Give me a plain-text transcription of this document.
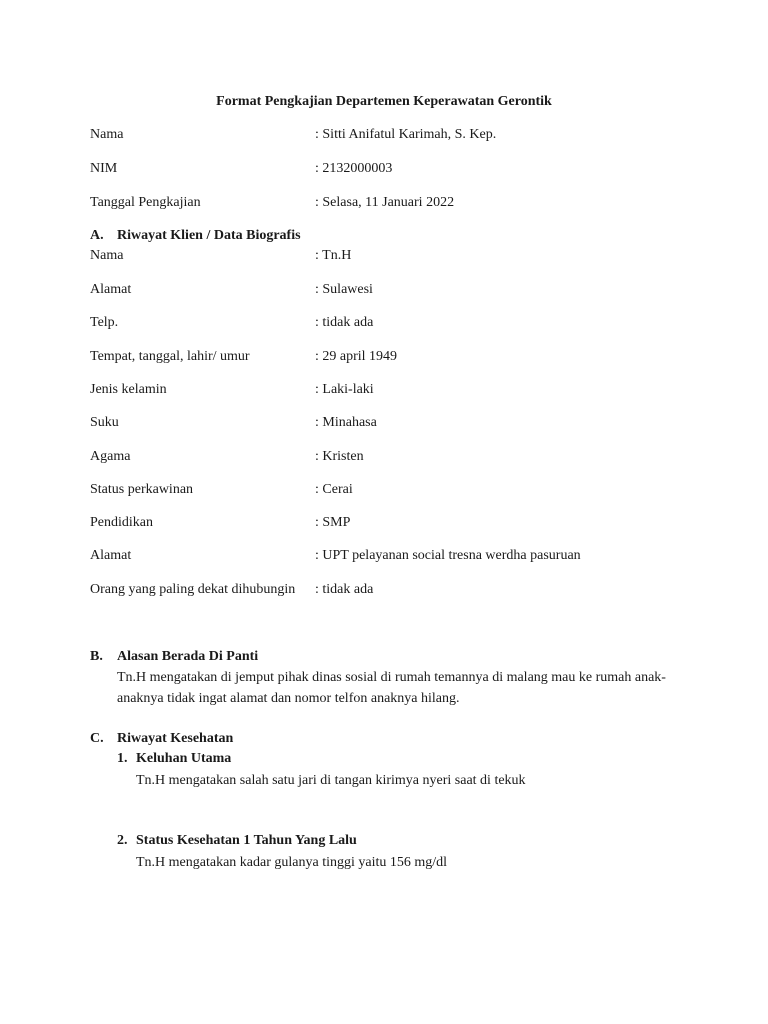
Format Pengkajian Departemen Keperawatan Gerontik
Nama	: Sitti Anifatul Karimah, S. Kep.
NIM	: 2132000003
Tanggal Pengkajian	: Selasa, 11 Januari 2022
A. Riwayat Klien / Data Biografis
Nama	: Tn.H
Alamat	: Sulawesi
Telp.	: tidak ada
Tempat, tanggal, lahir/ umur	: 29 april 1949
Jenis kelamin	: Laki-laki
Suku	: Minahasa
Agama	: Kristen
Status perkawinan	: Cerai
Pendidikan	: SMP
Alamat	: UPT pelayanan social tresna werdha pasuruan
Orang yang paling dekat dihubungin	: tidak ada
B. Alasan Berada Di Panti
Tn.H mengatakan di jemput pihak dinas sosial di rumah temannya di malang mau ke rumah anak-anaknya tidak ingat alamat dan nomor telfon anaknya hilang.
C. Riwayat Kesehatan
1. Keluhan Utama
Tn.H mengatakan salah satu jari di tangan kirimya nyeri saat di tekuk
2. Status Kesehatan 1 Tahun Yang Lalu
Tn.H mengatakan kadar gulanya tinggi yaitu 156 mg/dl
